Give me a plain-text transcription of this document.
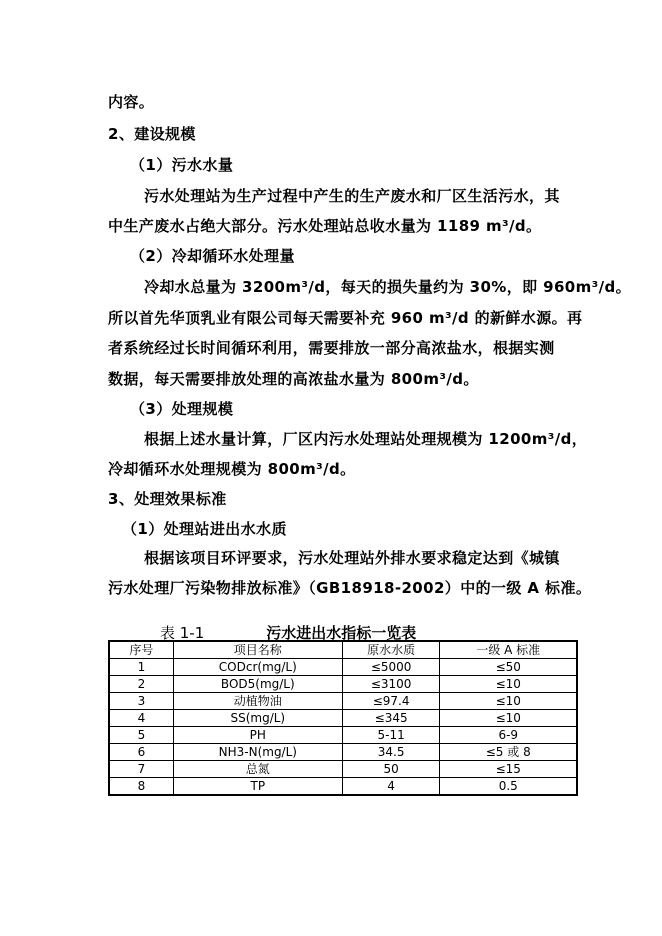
内容。
2、建设规模
（1）污水水量
污水处理站为生产过程中产生的生产废水和厂区生活污水，其
中生产废水占绝大部分。污水处理站总收水量为 1189 m³/d。
（2）冷却循环水处理量
冷却水总量为 3200m³/d，每天的损失量约为 30%，即 960m³/d。
所以首先华顶乳业有限公司每天需要补充 960 m³/d 的新鲜水源。再
者系统经过长时间循环利用，需要排放一部分高浓盐水，根据实测
数据，每天需要排放处理的高浓盐水量为 800m³/d。
（3）处理规模
根据上述水量计算，厂区内污水处理站处理规模为 1200m³/d，
冷却循环水处理规模为 800m³/d。
3、处理效果标准
（1）处理站进出水水质
根据该项目环评要求，污水处理站外排水要求稳定达到《城镇
污水处理厂污染物排放标准》（GB18918-2002）中的一级 A 标准。
表 1-1	污水进出水指标一览表
序号	项目名称	原水水质	一级 A 标准
1	CODcr(mg/L)	≤5000	≤50
2	BOD5(mg/L)	≤3100	≤10
3	动植物油	≤97.4	≤10
4	SS(mg/L)	≤345	≤10
5	PH	5-11	6-9
6	NH3-N(mg/L)	34.5	≤5 或 8
7	总氮	50	≤15
8	TP	4	0.5
